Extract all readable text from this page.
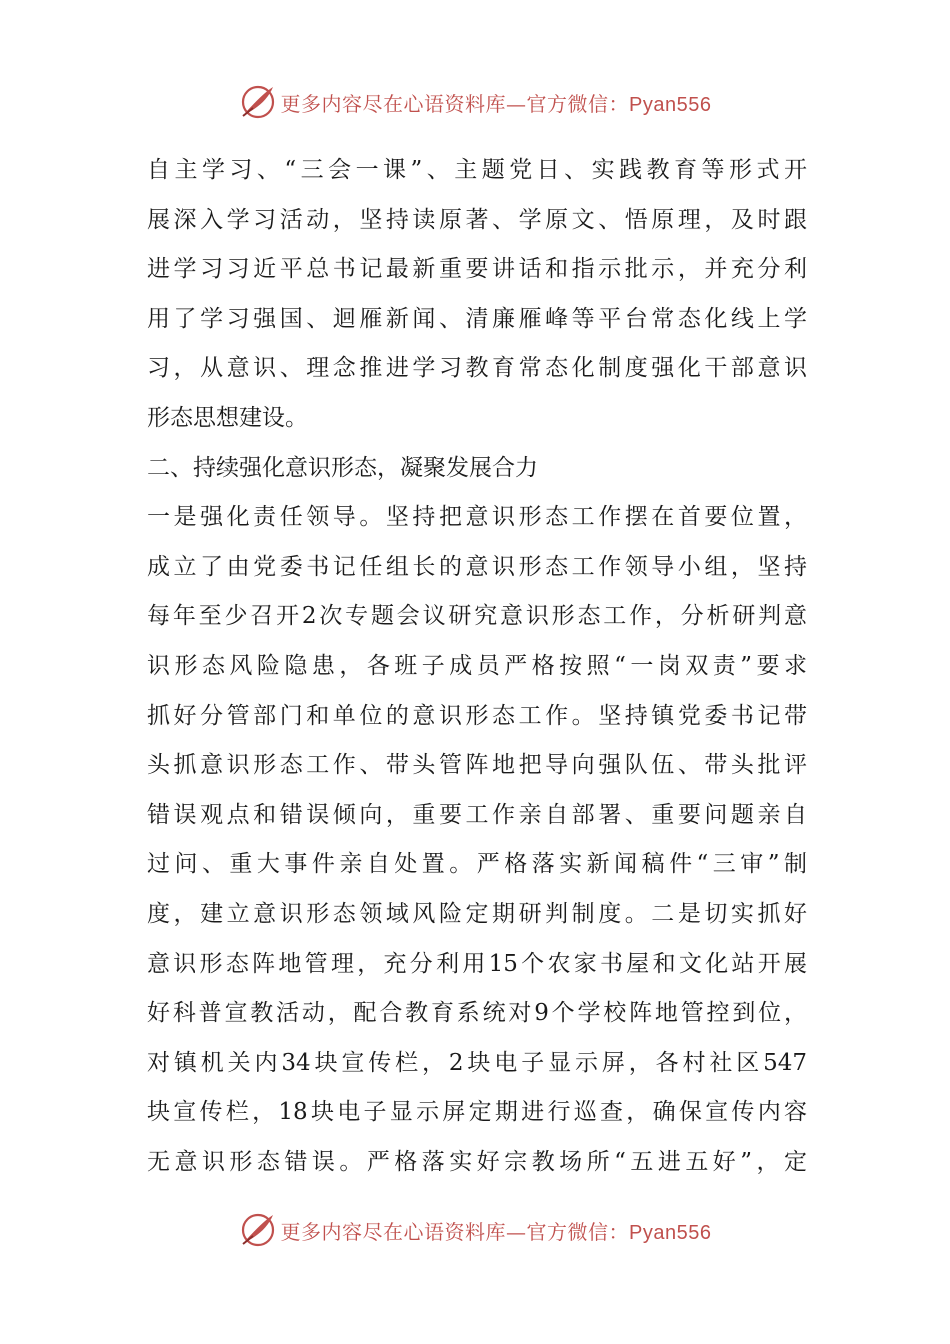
更多内容尽在心语资料库—官方微信：Pyan556
自主学习、“三会一课”、主题党日、实践教育等形式开
展深入学习活动，坚持读原著、学原文、悟原理，及时跟
进学习习近平总书记最新重要讲话和指示批示，并充分利
用了学习强国、迴雁新闻、清廉雁峰等平台常态化线上学
习，从意识、理念推进学习教育常态化制度强化干部意识
形态思想建设。
二、持续强化意识形态，凝聚发展合力
一是强化责任领导。坚持把意识形态工作摆在首要位置，
成立了由党委书记任组长的意识形态工作领导小组，坚持
每年至少召开2次专题会议研究意识形态工作，分析研判意
识形态风险隐患，各班子成员严格按照“一岗双责”要求
抓好分管部门和单位的意识形态工作。坚持镇党委书记带
头抓意识形态工作、带头管阵地把导向强队伍、带头批评
错误观点和错误倾向，重要工作亲自部署、重要问题亲自
过问、重大事件亲自处置。严格落实新闻稿件“三审”制
度，建立意识形态领域风险定期研判制度。二是切实抓好
意识形态阵地管理，充分利用15个农家书屋和文化站开展
好科普宣教活动，配合教育系统对9个学校阵地管控到位，
对镇机关内34块宣传栏，2块电子显示屏，各村社区547
块宣传栏，18块电子显示屏定期进行巡查，确保宣传内容
无意识形态错误。严格落实好宗教场所“五进五好”，定
更多内容尽在心语资料库—官方微信：Pyan556
